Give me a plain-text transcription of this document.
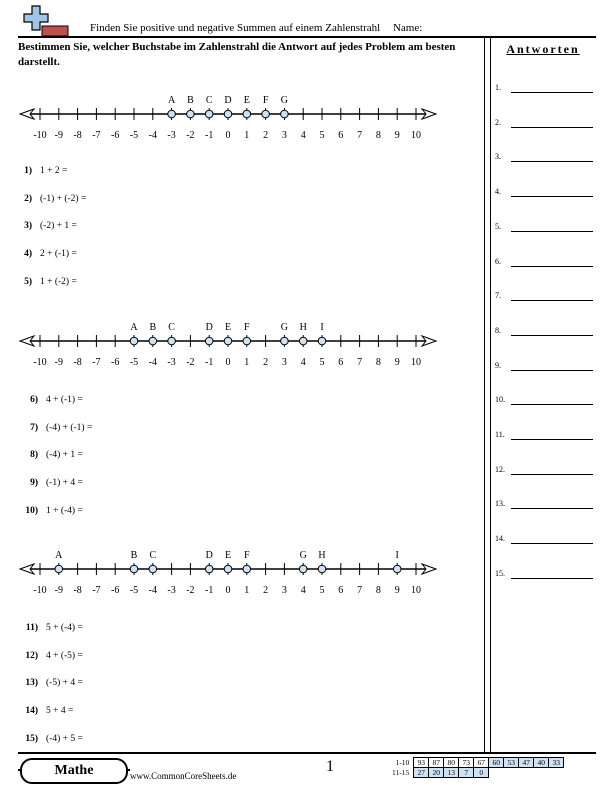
Finden Sie positive und negative Summen auf einem Zahlenstrahl Name:
Bestimmen Sie, welcher Buchstabe im Zahlenstrahl die Antwort auf jedes Problem am besten darstellt.
Antworten
1.
2.
3.
4.
5.
6.
7.
8.
9.
10.
11.
12.
13.
14.
15.
-10 -9 -8 -7 -6 -5 -4 -3 -2 -1 0 1 2 3 4 5 6 7 8 9 10
A B C D E F G
-10 -9 -8 -7 -6 -5 -4 -3 -2 -1 0 1 2 3 4 5 6 7 8 9 10
A B C	D E F	G H I
-10 -9 -8 -7 -6 -5 -4 -3 -2 -1 0 1 2 3 4 5 6 7 8 9 10
A	B C	D E F	G H	I
1) 1 + 2 =
2) (-1) + (-2) =
3) (-2) + 1 =
4) 2 + (-1) =
5) 1 + (-2) =
6) 4 + (-1) =
7) (-4) + (-1) =
8) (-4) + 1 =
9) (-1) + 4 =
10) 1 + (-4) =
11) 5 + (-4) =
12) 4 + (-5) =
13) (-5) + 4 =
14) 5 + 4 =
15) (-4) + 5 =
Mathe	www.CommonCoreSheets.de
1	1-10	93	87	80	73	67	60	53	47	40	33
11-15	27	20	13	7	0					
